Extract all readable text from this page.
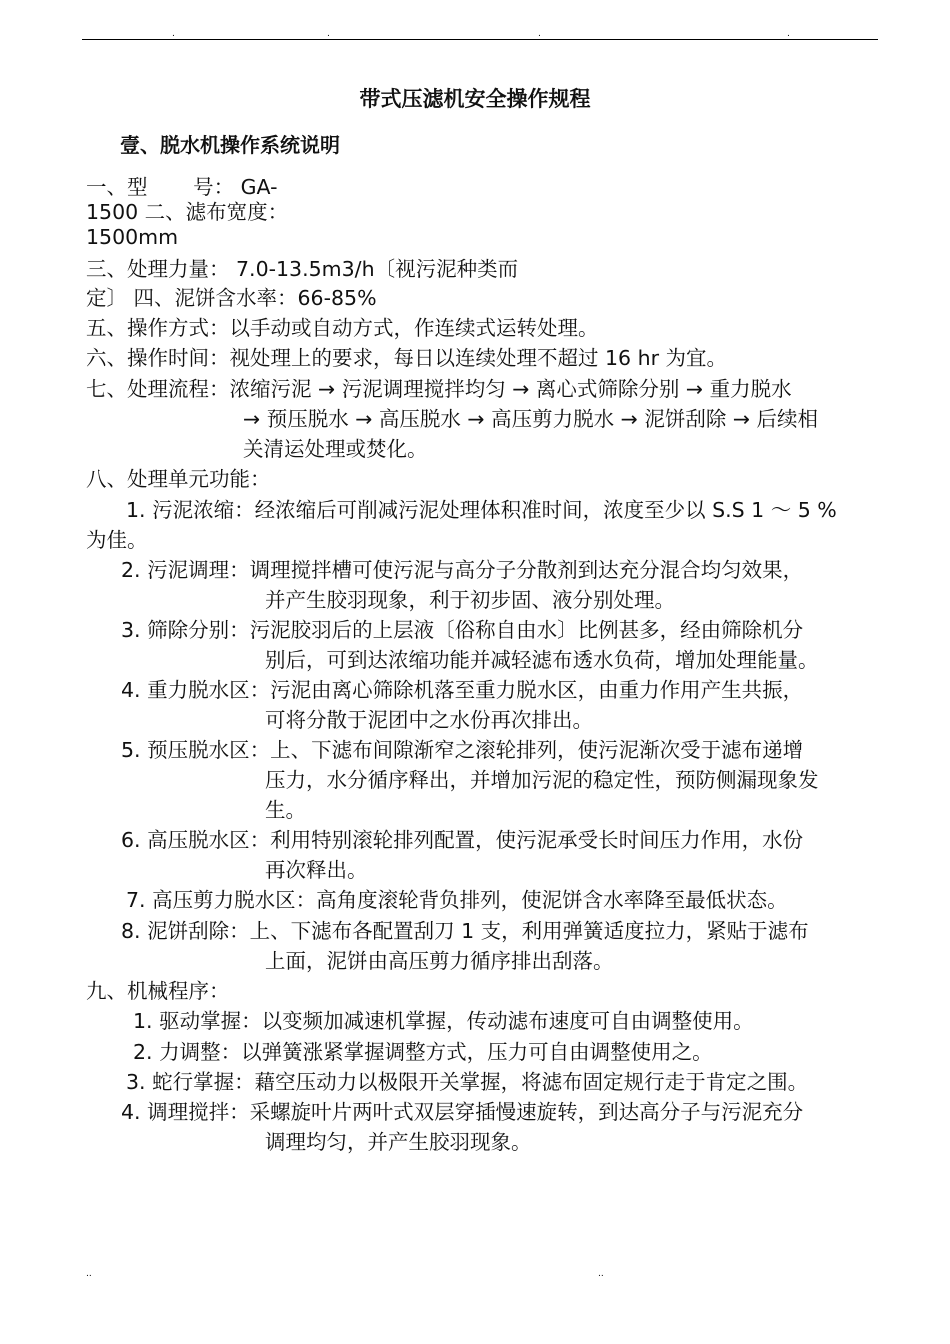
.	.	.	.
带式压滤机安全操作规程
壹、脱水机操作系统说明
一、型       号： GA-
1500 二、滤布宽度：
1500mm
三、处理力量： 7.0-13.5m3/h〔视污泥种类而
定〕 四、泥饼含水率：66-85%
五、操作方式：以手动或自动方式，作连续式运转处理。
六、操作时间：视处理上的要求，每日以连续处理不超过 16 hr 为宜。
七、处理流程：浓缩污泥 → 污泥调理搅拌均匀 → 离心式筛除分别 → 重力脱水
→ 预压脱水 → 高压脱水 → 高压剪力脱水 → 泥饼刮除 → 后续相
关清运处理或焚化。
八、处理单元功能：
1. 污泥浓缩：经浓缩后可削减污泥处理体积准时间，浓度至少以 S.S 1 ～ 5 %
为佳。
2. 污泥调理：调理搅拌槽可使污泥与高分子分散剂到达充分混合均匀效果，
并产生胶羽现象，利于初步固、液分别处理。
3. 筛除分别：污泥胶羽后的上层液〔俗称自由水〕比例甚多，经由筛除机分
别后，可到达浓缩功能并减轻滤布透水负荷，增加处理能量。
4. 重力脱水区：污泥由离心筛除机落至重力脱水区，由重力作用产生共振，
可将分散于泥团中之水份再次排出。
5. 预压脱水区：上、下滤布间隙渐窄之滚轮排列，使污泥渐次受于滤布递增
压力，水分循序释出，并增加污泥的稳定性，预防侧漏现象发
生。
6. 高压脱水区：利用特别滚轮排列配置，使污泥承受长时间压力作用，水份
再次释出。
7. 高压剪力脱水区：高角度滚轮背负排列，使泥饼含水率降至最低状态。
8. 泥饼刮除：上、下滤布各配置刮刀 1 支，利用弹簧适度拉力，紧贴于滤布
上面，泥饼由高压剪力循序排出刮落。
九、机械程序：
1. 驱动掌握：以变频加减速机掌握，传动滤布速度可自由调整使用。
2. 力调整：以弹簧涨紧掌握调整方式，压力可自由调整使用之。
3. 蛇行掌握：藉空压动力以极限开关掌握，将滤布固定规行走于肯定之围。
4. 调理搅拌：采螺旋叶片两叶式双层穿插慢速旋转，到达高分子与污泥充分
调理均匀，并产生胶羽现象。
..	..
